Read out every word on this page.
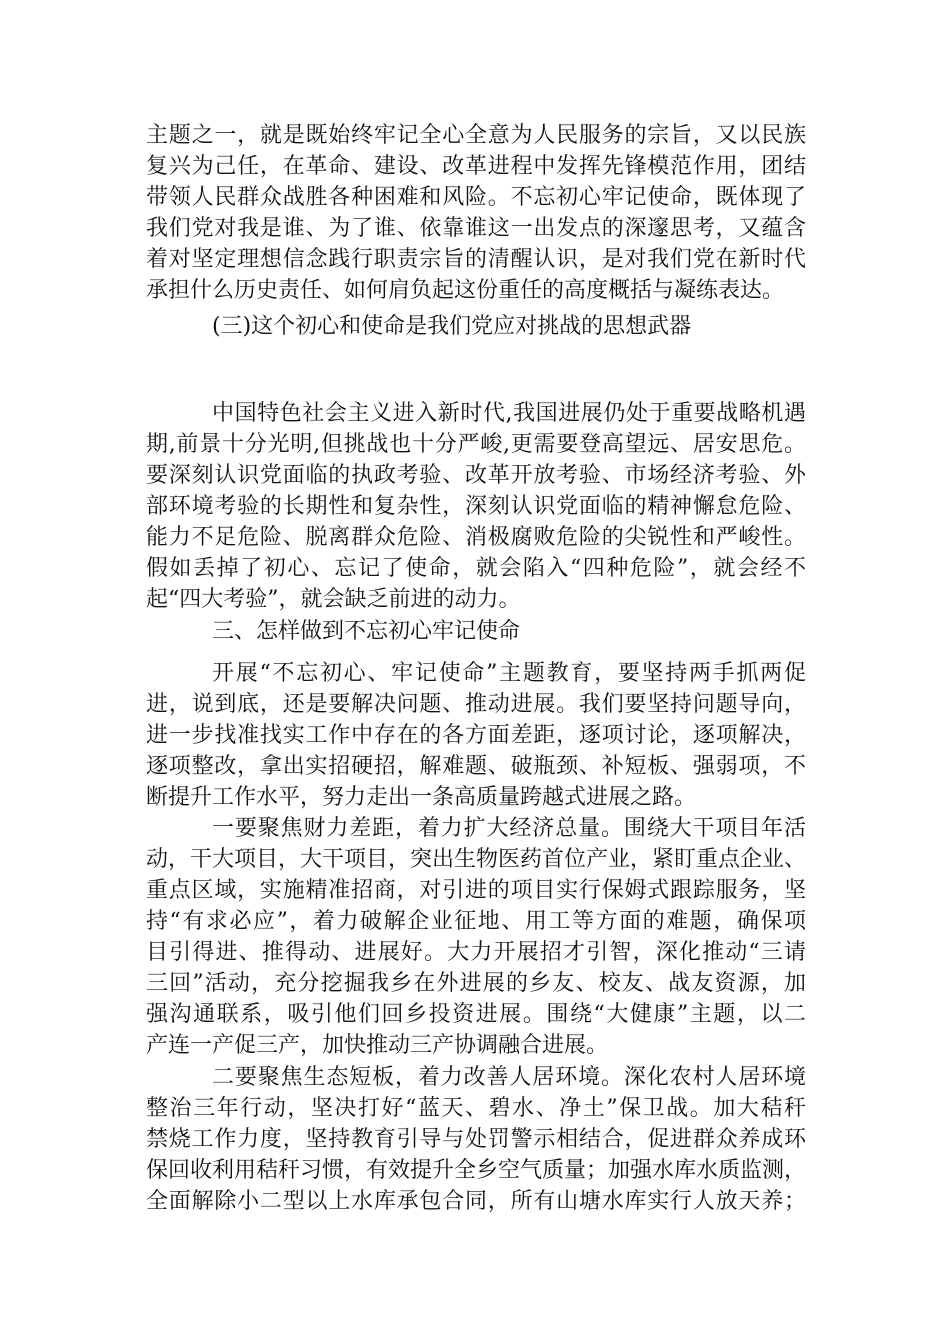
主题之一，就是既始终牢记全心全意为人民服务的宗旨，又以民族
复兴为己任，在革命、建设、改革进程中发挥先锋模范作用，团结
带领人民群众战胜各种困难和风险。不忘初心牢记使命，既体现了
我们党对我是谁、为了谁、依靠谁这一出发点的深邃思考，又蕴含
着对坚定理想信念践行职责宗旨的清醒认识，是对我们党在新时代
承担什么历史责任、如何肩负起这份重任的高度概括与凝练表达。
(三)这个初心和使命是我们党应对挑战的思想武器
中国特色社会主义进入新时代,我国进展仍处于重要战略机遇
期,前景十分光明,但挑战也十分严峻,更需要登高望远、居安思危。
要深刻认识党面临的执政考验、改革开放考验、市场经济考验、外
部环境考验的长期性和复杂性，深刻认识党面临的精神懈怠危险、
能力不足危险、脱离群众危险、消极腐败危险的尖锐性和严峻性。
假如丢掉了初心、忘记了使命，就会陷入“四种危险”，就会经不
起“四大考验”，就会缺乏前进的动力。
三、怎样做到不忘初心牢记使命
开展“不忘初心、牢记使命”主题教育，要坚持两手抓两促
进，说到底，还是要解决问题、推动进展。我们要坚持问题导向，
进一步找准找实工作中存在的各方面差距，逐项讨论，逐项解决，
逐项整改，拿出实招硬招，解难题、破瓶颈、补短板、强弱项，不
断提升工作水平，努力走出一条高质量跨越式进展之路。
一要聚焦财力差距，着力扩大经济总量。围绕大干项目年活
动，干大项目，大干项目，突出生物医药首位产业，紧盯重点企业、
重点区域，实施精准招商，对引进的项目实行保姆式跟踪服务，坚
持“有求必应”，着力破解企业征地、用工等方面的难题，确保项
目引得进、推得动、进展好。大力开展招才引智，深化推动“三请
三回”活动，充分挖掘我乡在外进展的乡友、校友、战友资源，加
强沟通联系，吸引他们回乡投资进展。围绕“大健康”主题，以二
产连一产促三产，加快推动三产协调融合进展。
二要聚焦生态短板，着力改善人居环境。深化农村人居环境
整治三年行动，坚决打好“蓝天、碧水、净土”保卫战。加大秸秆
禁烧工作力度，坚持教育引导与处罚警示相结合，促进群众养成环
保回收利用秸秆习惯，有效提升全乡空气质量；加强水库水质监测，
全面解除小二型以上水库承包合同，所有山塘水库实行人放天养；
